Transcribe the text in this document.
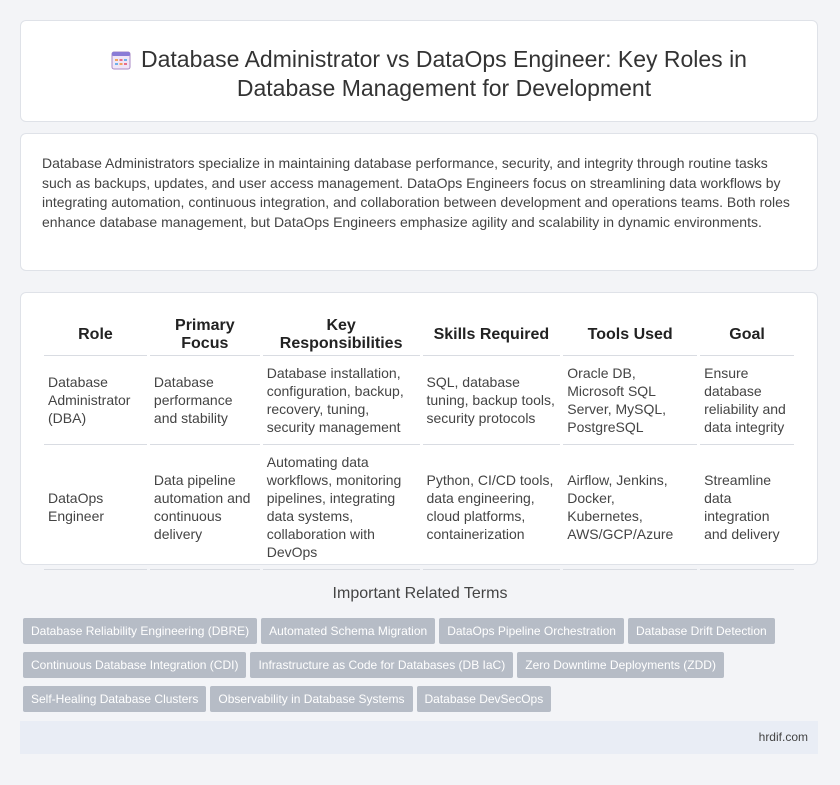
Database Administrator vs DataOps Engineer: Key Roles in Database Management for Development

Database Administrators specialize in maintaining database performance, security, and integrity through routine tasks such as backups, updates, and user access management. DataOps Engineers focus on streamlining data workflows by integrating automation, continuous integration, and collaboration between development and operations teams. Both roles enhance database management, but DataOps Engineers emphasize agility and scalability in dynamic environments.

Role	Primary Focus	Key Responsibilities	Skills Required	Tools Used	Goal
Database Administrator (DBA)	Database performance and stability	Database installation, configuration, backup, recovery, tuning, security management	SQL, database tuning, backup tools, security protocols	Oracle DB, Microsoft SQL Server, MySQL, PostgreSQL	Ensure database reliability and data integrity
DataOps Engineer	Data pipeline automation and continuous delivery	Automating data workflows, monitoring pipelines, integrating data systems, collaboration with DevOps	Python, CI/CD tools, data engineering, cloud platforms, containerization	Airflow, Jenkins, Docker, Kubernetes, AWS/GCP/Azure	Streamline data integration and delivery
Important Related Terms
Database Reliability Engineering (DBRE) Automated Schema Migration DataOps Pipeline Orchestration Database Drift DetectionContinuous Database Integration (CDI) Infrastructure as Code for Databases (DB IaC) Zero Downtime Deployments (ZDD)Self-Healing Database Clusters Observability in Database Systems Database DevSecOps
hrdif.com
